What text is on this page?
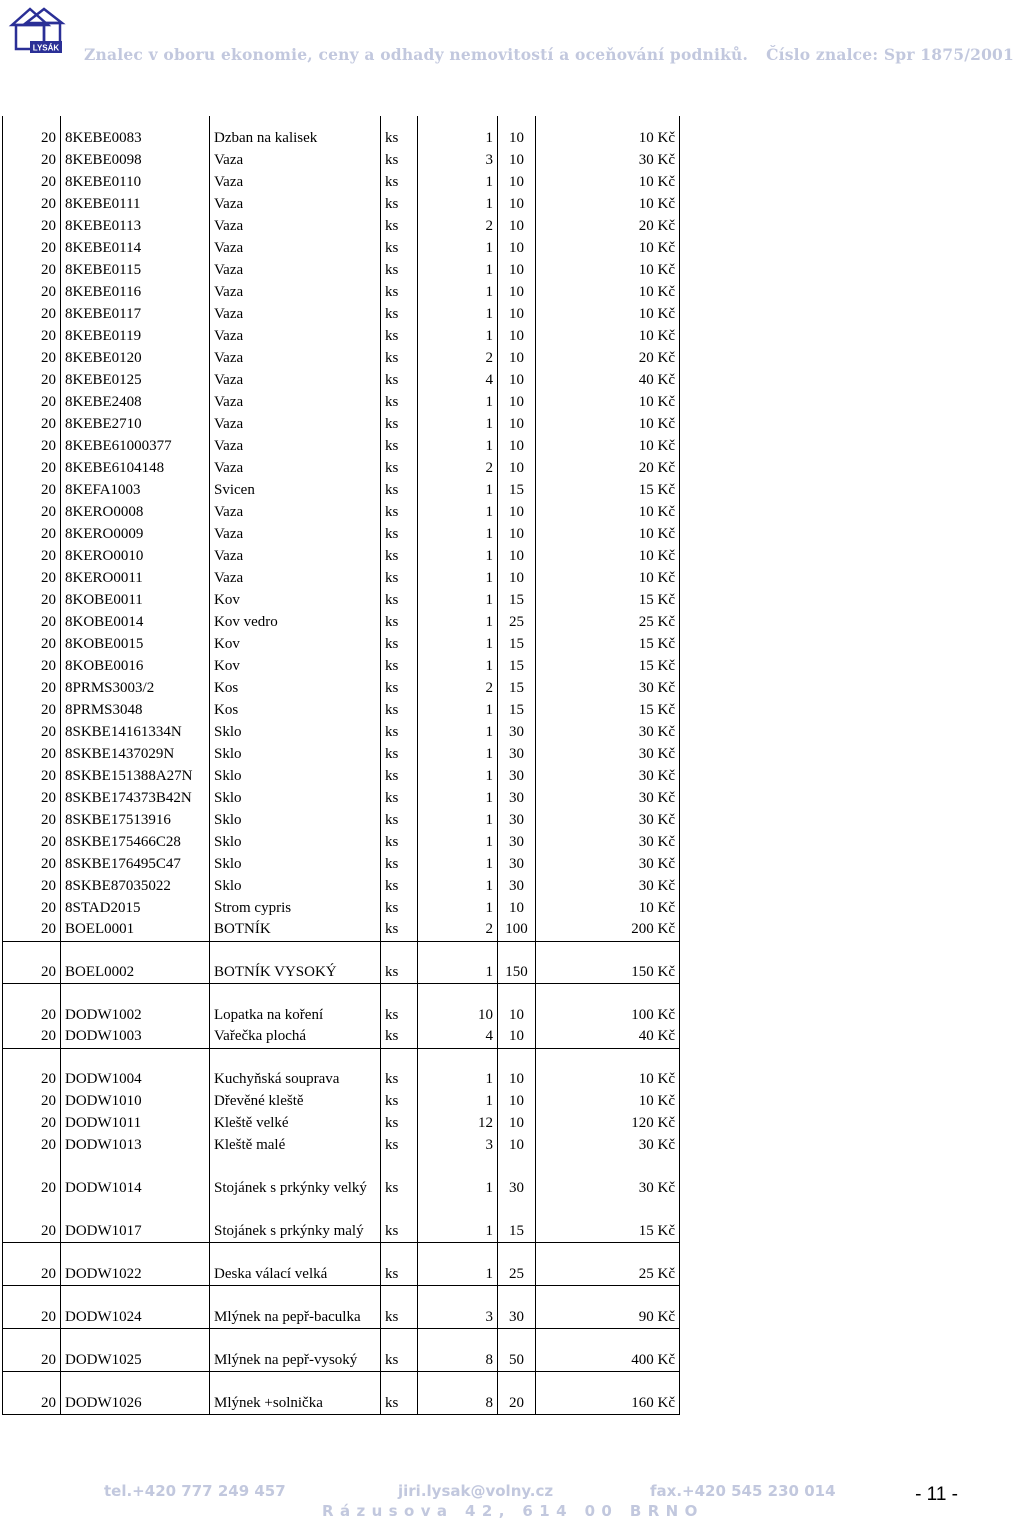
LYSÁK Znalec v oboru ekonomie, ceny a odhady nemovitostí a oceňování podniků. Číslo znalce: Spr 1875/2001
20	8KEBE0083	Dzban na kalisek	ks	1	10	10 Kč
20	8KEBE0098	Vaza	ks	3	10	30 Kč
20	8KEBE0110	Vaza	ks	1	10	10 Kč
20	8KEBE0111	Vaza	ks	1	10	10 Kč
20	8KEBE0113	Vaza	ks	2	10	20 Kč
20	8KEBE0114	Vaza	ks	1	10	10 Kč
20	8KEBE0115	Vaza	ks	1	10	10 Kč
20	8KEBE0116	Vaza	ks	1	10	10 Kč
20	8KEBE0117	Vaza	ks	1	10	10 Kč
20	8KEBE0119	Vaza	ks	1	10	10 Kč
20	8KEBE0120	Vaza	ks	2	10	20 Kč
20	8KEBE0125	Vaza	ks	4	10	40 Kč
20	8KEBE2408	Vaza	ks	1	10	10 Kč
20	8KEBE2710	Vaza	ks	1	10	10 Kč
20	8KEBE61000377	Vaza	ks	1	10	10 Kč
20	8KEBE6104148	Vaza	ks	2	10	20 Kč
20	8KEFA1003	Svicen	ks	1	15	15 Kč
20	8KERO0008	Vaza	ks	1	10	10 Kč
20	8KERO0009	Vaza	ks	1	10	10 Kč
20	8KERO0010	Vaza	ks	1	10	10 Kč
20	8KERO0011	Vaza	ks	1	10	10 Kč
20	8KOBE0011	Kov	ks	1	15	15 Kč
20	8KOBE0014	Kov vedro	ks	1	25	25 Kč
20	8KOBE0015	Kov	ks	1	15	15 Kč
20	8KOBE0016	Kov	ks	1	15	15 Kč
20	8PRMS3003/2	Kos	ks	2	15	30 Kč
20	8PRMS3048	Kos	ks	1	15	15 Kč
20	8SKBE14161334N	Sklo	ks	1	30	30 Kč
20	8SKBE1437029N	Sklo	ks	1	30	30 Kč
20	8SKBE151388A27N	Sklo	ks	1	30	30 Kč
20	8SKBE174373B42N	Sklo	ks	1	30	30 Kč
20	8SKBE17513916	Sklo	ks	1	30	30 Kč
20	8SKBE175466C28	Sklo	ks	1	30	30 Kč
20	8SKBE176495C47	Sklo	ks	1	30	30 Kč
20	8SKBE87035022	Sklo	ks	1	30	30 Kč
20	8STAD2015	Strom cypris	ks	1	10	10 Kč
20	BOEL0001	BOTNÍK	ks	2	100	200 Kč
20	BOEL0002	BOTNÍK VYSOKÝ	ks	1	150	150 Kč
20	DODW1002	Lopatka na koření	ks	10	10	100 Kč
20	DODW1003	Vařečka plochá	ks	4	10	40 Kč
20	DODW1004	Kuchyňská souprava	ks	1	10	10 Kč
20	DODW1010	Dřevěné kleště	ks	1	10	10 Kč
20	DODW1011	Kleště velké	ks	12	10	120 Kč
20	DODW1013	Kleště malé	ks	3	10	30 Kč
20	DODW1014	Stojánek s prkýnky velký	ks	1	30	30 Kč
20	DODW1017	Stojánek s prkýnky malý	ks	1	15	15 Kč
20	DODW1022	Deska válací velká	ks	1	25	25 Kč
20	DODW1024	Mlýnek na pepř-baculka	ks	3	30	90 Kč
20	DODW1025	Mlýnek na pepř-vysoký	ks	8	50	400 Kč
20	DODW1026	Mlýnek +solnička	ks	8	20	160 Kč
tel.+420 777 249 457	jiri.lysak@volny.cz	fax.+420 545 230 014
Rázusova 42, 614 00 BRNO
- 11 -
